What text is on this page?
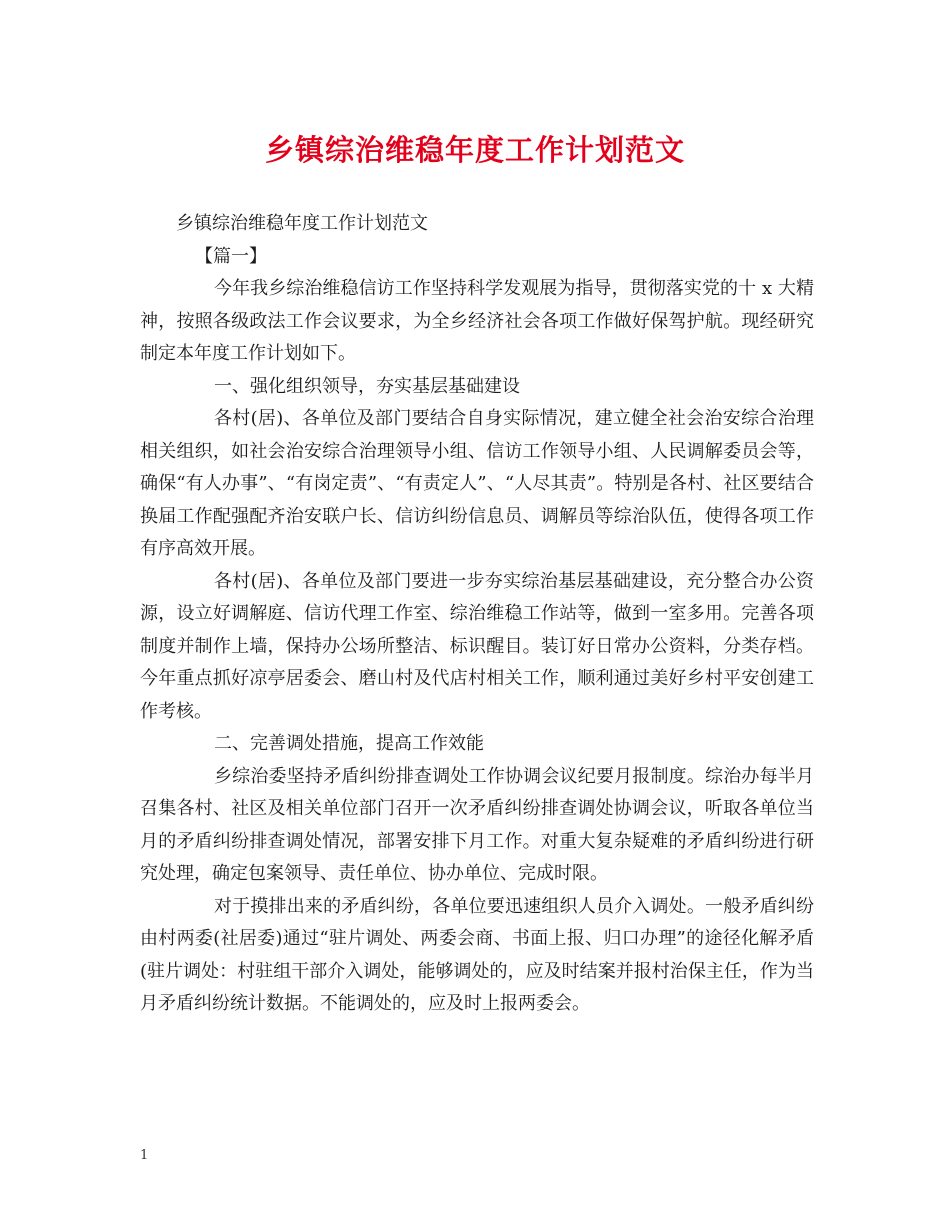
乡镇综治维稳年度工作计划范文

乡镇综治维稳年度工作计划范文

【篇一】

今年我乡综治维稳信访工作坚持科学发观展为指导，贯彻落实党的十 x 大精神，按照各级政法工作会议要求，为全乡经济社会各项工作做好保驾护航。现经研究制定本年度工作计划如下。

一、强化组织领导，夯实基层基础建设

各村(居)、各单位及部门要结合自身实际情况，建立健全社会治安综合治理相关组织，如社会治安综合治理领导小组、信访工作领导小组、人民调解委员会等，确保“有人办事”、“有岗定责”、“有责定人”、“人尽其责”。特别是各村、社区要结合换届工作配强配齐治安联户长、信访纠纷信息员、调解员等综治队伍，使得各项工作有序高效开展。

各村(居)、各单位及部门要进一步夯实综治基层基础建设，充分整合办公资源，设立好调解庭、信访代理工作室、综治维稳工作站等，做到一室多用。完善各项制度并制作上墙，保持办公场所整洁、标识醒目。装订好日常办公资料，分类存档。今年重点抓好凉亭居委会、磨山村及代店村相关工作，顺利通过美好乡村平安创建工作考核。

二、完善调处措施，提高工作效能

乡综治委坚持矛盾纠纷排查调处工作协调会议纪要月报制度。综治办每半月召集各村、社区及相关单位部门召开一次矛盾纠纷排查调处协调会议，听取各单位当月的矛盾纠纷排查调处情况，部署安排下月工作。对重大复杂疑难的矛盾纠纷进行研究处理，确定包案领导、责任单位、协办单位、完成时限。

对于摸排出来的矛盾纠纷，各单位要迅速组织人员介入调处。一般矛盾纠纷由村两委(社居委)通过“驻片调处、两委会商、书面上报、归口办理”的途径化解矛盾(驻片调处：村驻组干部介入调处，能够调处的，应及时结案并报村治保主任，作为当月矛盾纠纷统计数据。不能调处的，应及时上报两委会。

1
